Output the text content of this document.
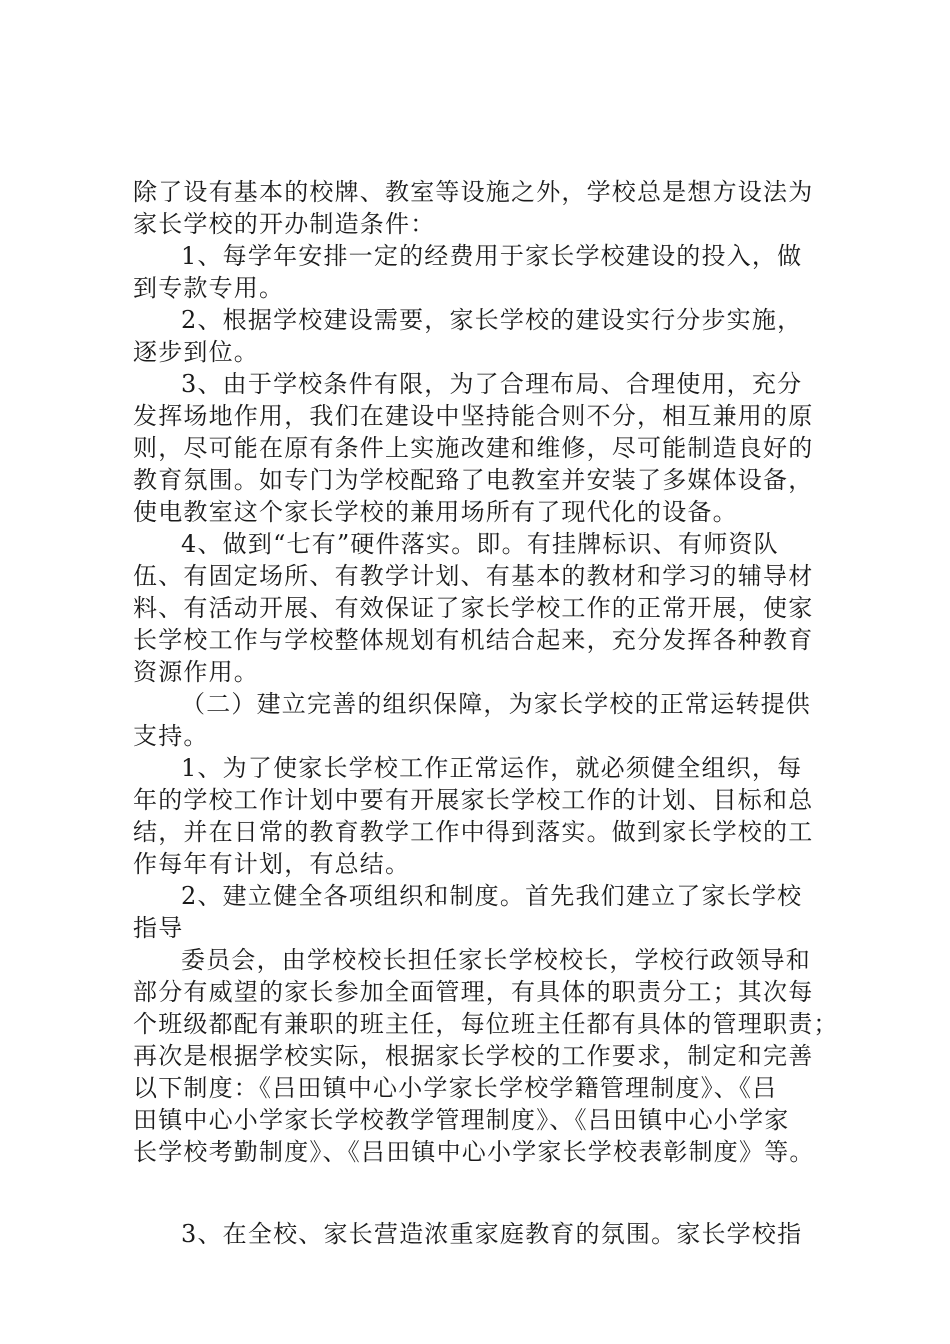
除了设有基本的校牌、教室等设施之外，学校总是想方设法为
家长学校的开办制造条件：
1、每学年安排一定的经费用于家长学校建设的投入，做
到专款专用。
2、根据学校建设需要，家长学校的建设实行分步实施，
逐步到位。
3、由于学校条件有限，为了合理布局、合理使用，充分
发挥场地作用，我们在建设中坚持能合则不分，相互兼用的原
则，尽可能在原有条件上实施改建和维修，尽可能制造良好的
教育氛围。如专门为学校配臵了电教室并安装了多媒体设备，
使电教室这个家长学校的兼用场所有了现代化的设备。
4、做到“七有”硬件落实。即。有挂牌标识、有师资队
伍、有固定场所、有教学计划、有基本的教材和学习的辅导材
料、有活动开展、有效保证了家长学校工作的正常开展，使家
长学校工作与学校整体规划有机结合起来，充分发挥各种教育
资源作用。
（二）建立完善的组织保障，为家长学校的正常运转提供
支持。
1、为了使家长学校工作正常运作，就必须健全组织，每
年的学校工作计划中要有开展家长学校工作的计划、目标和总
结，并在日常的教育教学工作中得到落实。做到家长学校的工
作每年有计划，有总结。
2、建立健全各项组织和制度。首先我们建立了家长学校
指导
委员会，由学校校长担任家长学校校长，学校行政领导和
部分有威望的家长参加全面管理，有具体的职责分工；其次每
个班级都配有兼职的班主任，每位班主任都有具体的管理职责；
再次是根据学校实际，根据家长学校的工作要求，制定和完善
以下制度：《吕田镇中心小学家长学校学籍管理制度》、《吕
田镇中心小学家长学校教学管理制度》、《吕田镇中心小学家
长学校考勤制度》、《吕田镇中心小学家长学校表彰制度》等。
3、在全校、家长营造浓重家庭教育的氛围。家长学校指
